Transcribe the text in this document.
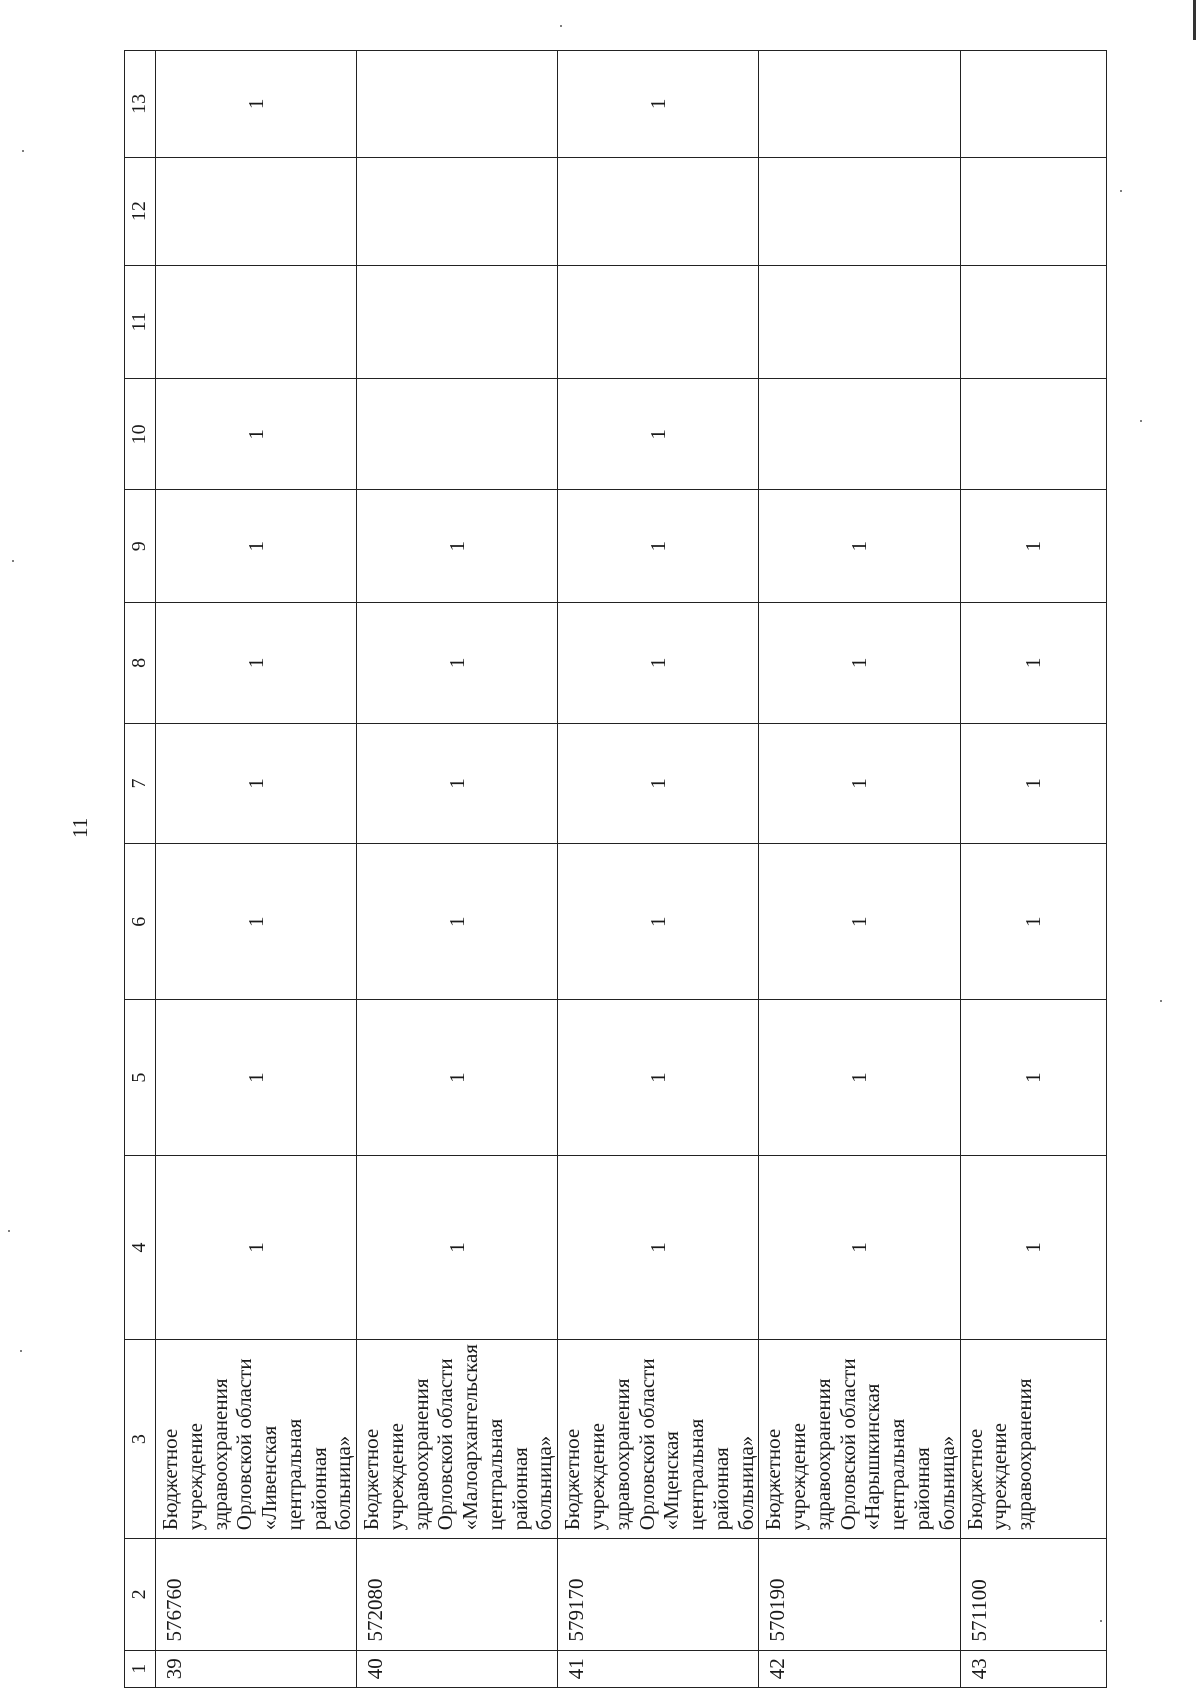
11
1	2	3	4	5	6	7	8	9	10	11	12	13
39	576760	Бюджетное учреждение здравоохранения Орловской области «Ливенская центральная районная больница»	1	1	1	1	1	1	1			1
40	572080	Бюджетное учреждение здравоохранения Орловской области «Малоархангельская центральная районная больница»	1	1	1	1	1	1				
41	579170	Бюджетное учреждение здравоохранения Орловской области «Мценская центральная районная больница»	1	1	1	1	1	1	1			1
42	570190	Бюджетное учреждение здравоохранения Орловской области «Нарышкинская центральная районная больница»	1	1	1	1	1	1				
43	571100	Бюджетное учреждение здравоохранения	1	1	1	1	1	1				
